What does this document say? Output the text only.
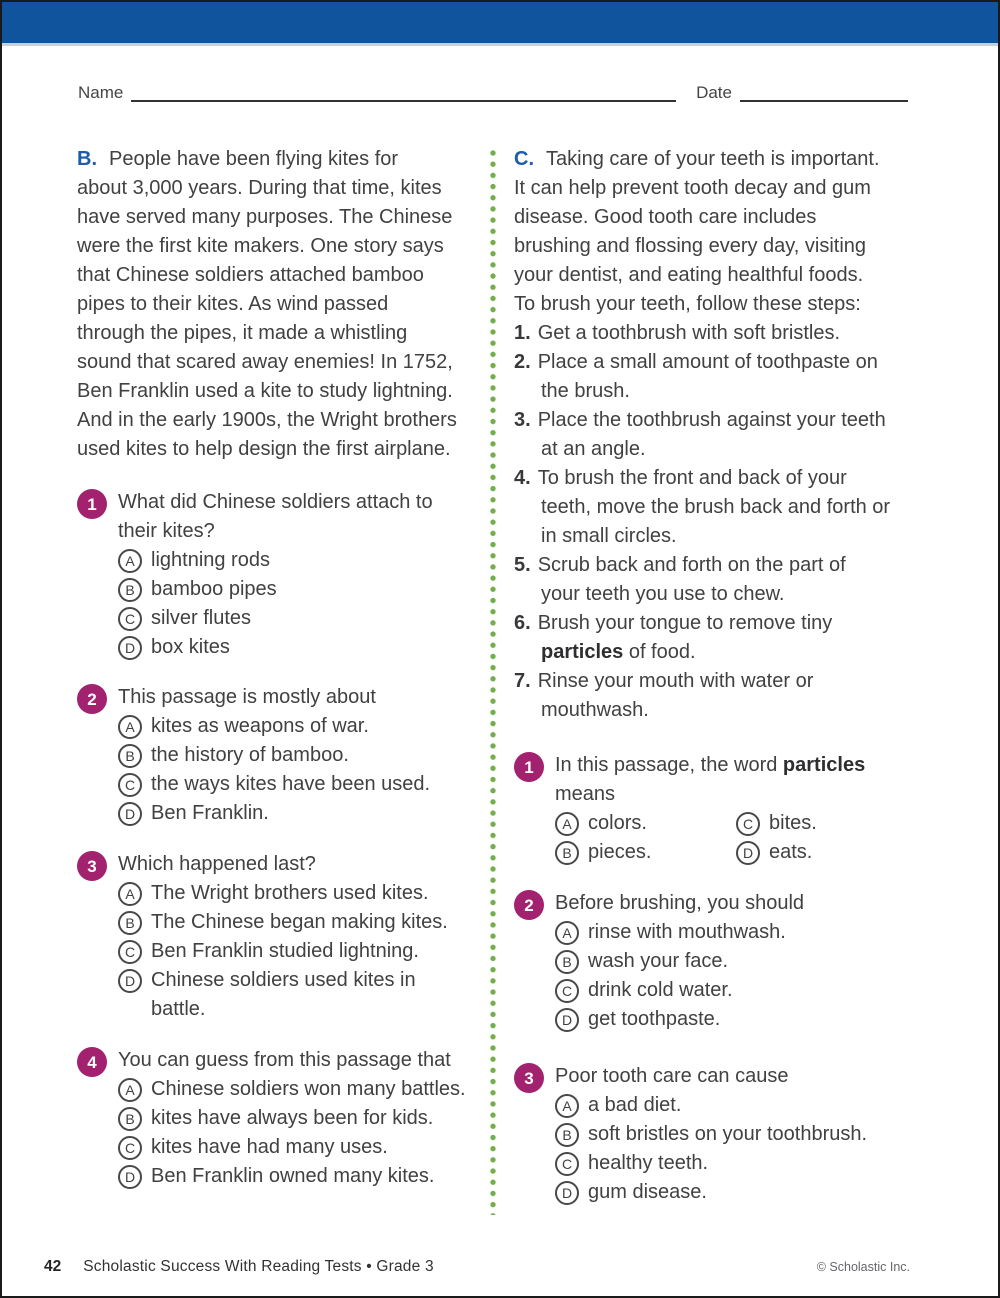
Name	Date
B. People have been flying kites for
about 3,000 years. During that time, kites
have served many purposes. The Chinese
were the first kite makers. One story says
that Chinese soldiers attached bamboo
pipes to their kites. As wind passed
through the pipes, it made a whistling
sound that scared away enemies! In 1752,
Ben Franklin used a kite to study lightning.
And in the early 1900s, the Wright brothers
used kites to help design the first airplane.
1	What did Chinese soldiers attach to
their kites?
A lightning rods
B bamboo pipes
C silver flutes
D box kites
2	This passage is mostly about
A kites as weapons of war.
B the history of bamboo.
C the ways kites have been used.
D Ben Franklin.
3	Which happened last?
A The Wright brothers used kites.
B The Chinese began making kites.
C Ben Franklin studied lightning.
D Chinese soldiers used kites in
battle.
4	You can guess from this passage that
A Chinese soldiers won many battles.
B kites have always been for kids.
C kites have had many uses.
D Ben Franklin owned many kites.
C. Taking care of your teeth is important.
It can help prevent tooth decay and gum
disease. Good tooth care includes
brushing and flossing every day, visiting
your dentist, and eating healthful foods.
To brush your teeth, follow these steps:
1. Get a toothbrush with soft bristles.
2. Place a small amount of toothpaste on
the brush.
3. Place the toothbrush against your teeth
at an angle.
4. To brush the front and back of your
teeth, move the brush back and forth or
in small circles.
5. Scrub back and forth on the part of
your teeth you use to chew.
6. Brush your tongue to remove tiny
particles of food.
7. Rinse your mouth with water or
mouthwash.
1	In this passage, the word particles
means
A colors.	C bites.
B pieces.	D eats.
2	Before brushing, you should
A rinse with mouthwash.
B wash your face.
C drink cold water.
D get toothpaste.
3	Poor tooth care can cause
A a bad diet.
B soft bristles on your toothbrush.
C healthy teeth.
D gum disease.
42 Scholastic Success With Reading Tests • Grade 3	© Scholastic Inc.
